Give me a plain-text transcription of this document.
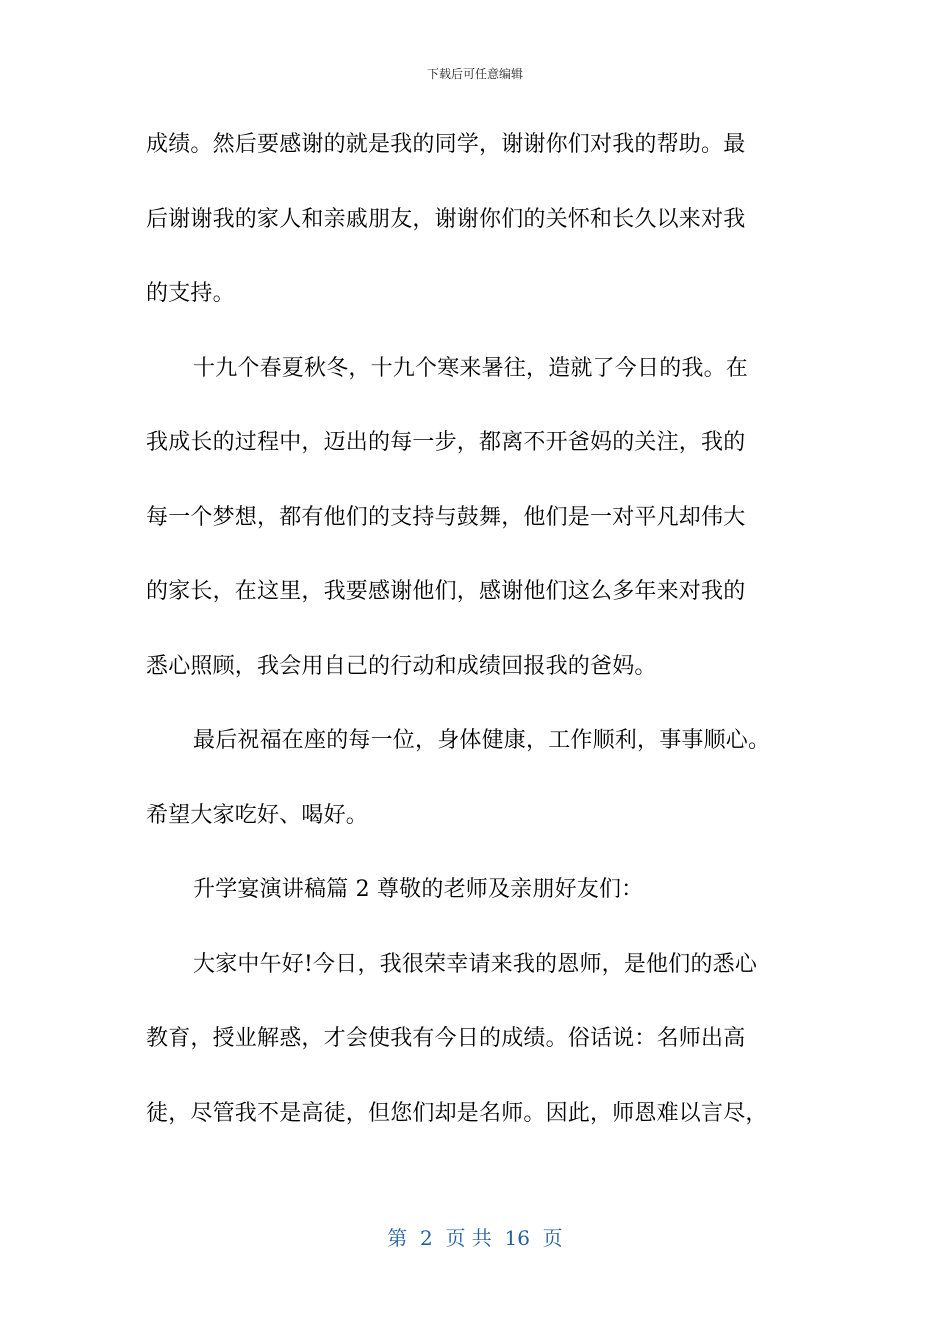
下载后可任意编辑

成绩。然后要感谢的就是我的同学，谢谢你们对我的帮助。最
后谢谢我的家人和亲戚朋友，谢谢你们的关怀和长久以来对我
的支持。

十九个春夏秋冬，十九个寒来暑往，造就了今日的我。在
我成长的过程中，迈出的每一步，都离不开爸妈的关注，我的
每一个梦想，都有他们的支持与鼓舞，他们是一对平凡却伟大
的家长，在这里，我要感谢他们，感谢他们这么多年来对我的
悉心照顾，我会用自己的行动和成绩回报我的爸妈。

最后祝福在座的每一位，身体健康，工作顺利，事事顺心。
希望大家吃好、喝好。

升学宴演讲稿篇 2 尊敬的老师及亲朋好友们：

大家中午好!今日，我很荣幸请来我的恩师，是他们的悉心
教育，授业解惑，才会使我有今日的成绩。俗话说：名师出高
徒，尽管我不是高徒，但您们却是名师。因此，师恩难以言尽，

第  2  页 共  16  页
